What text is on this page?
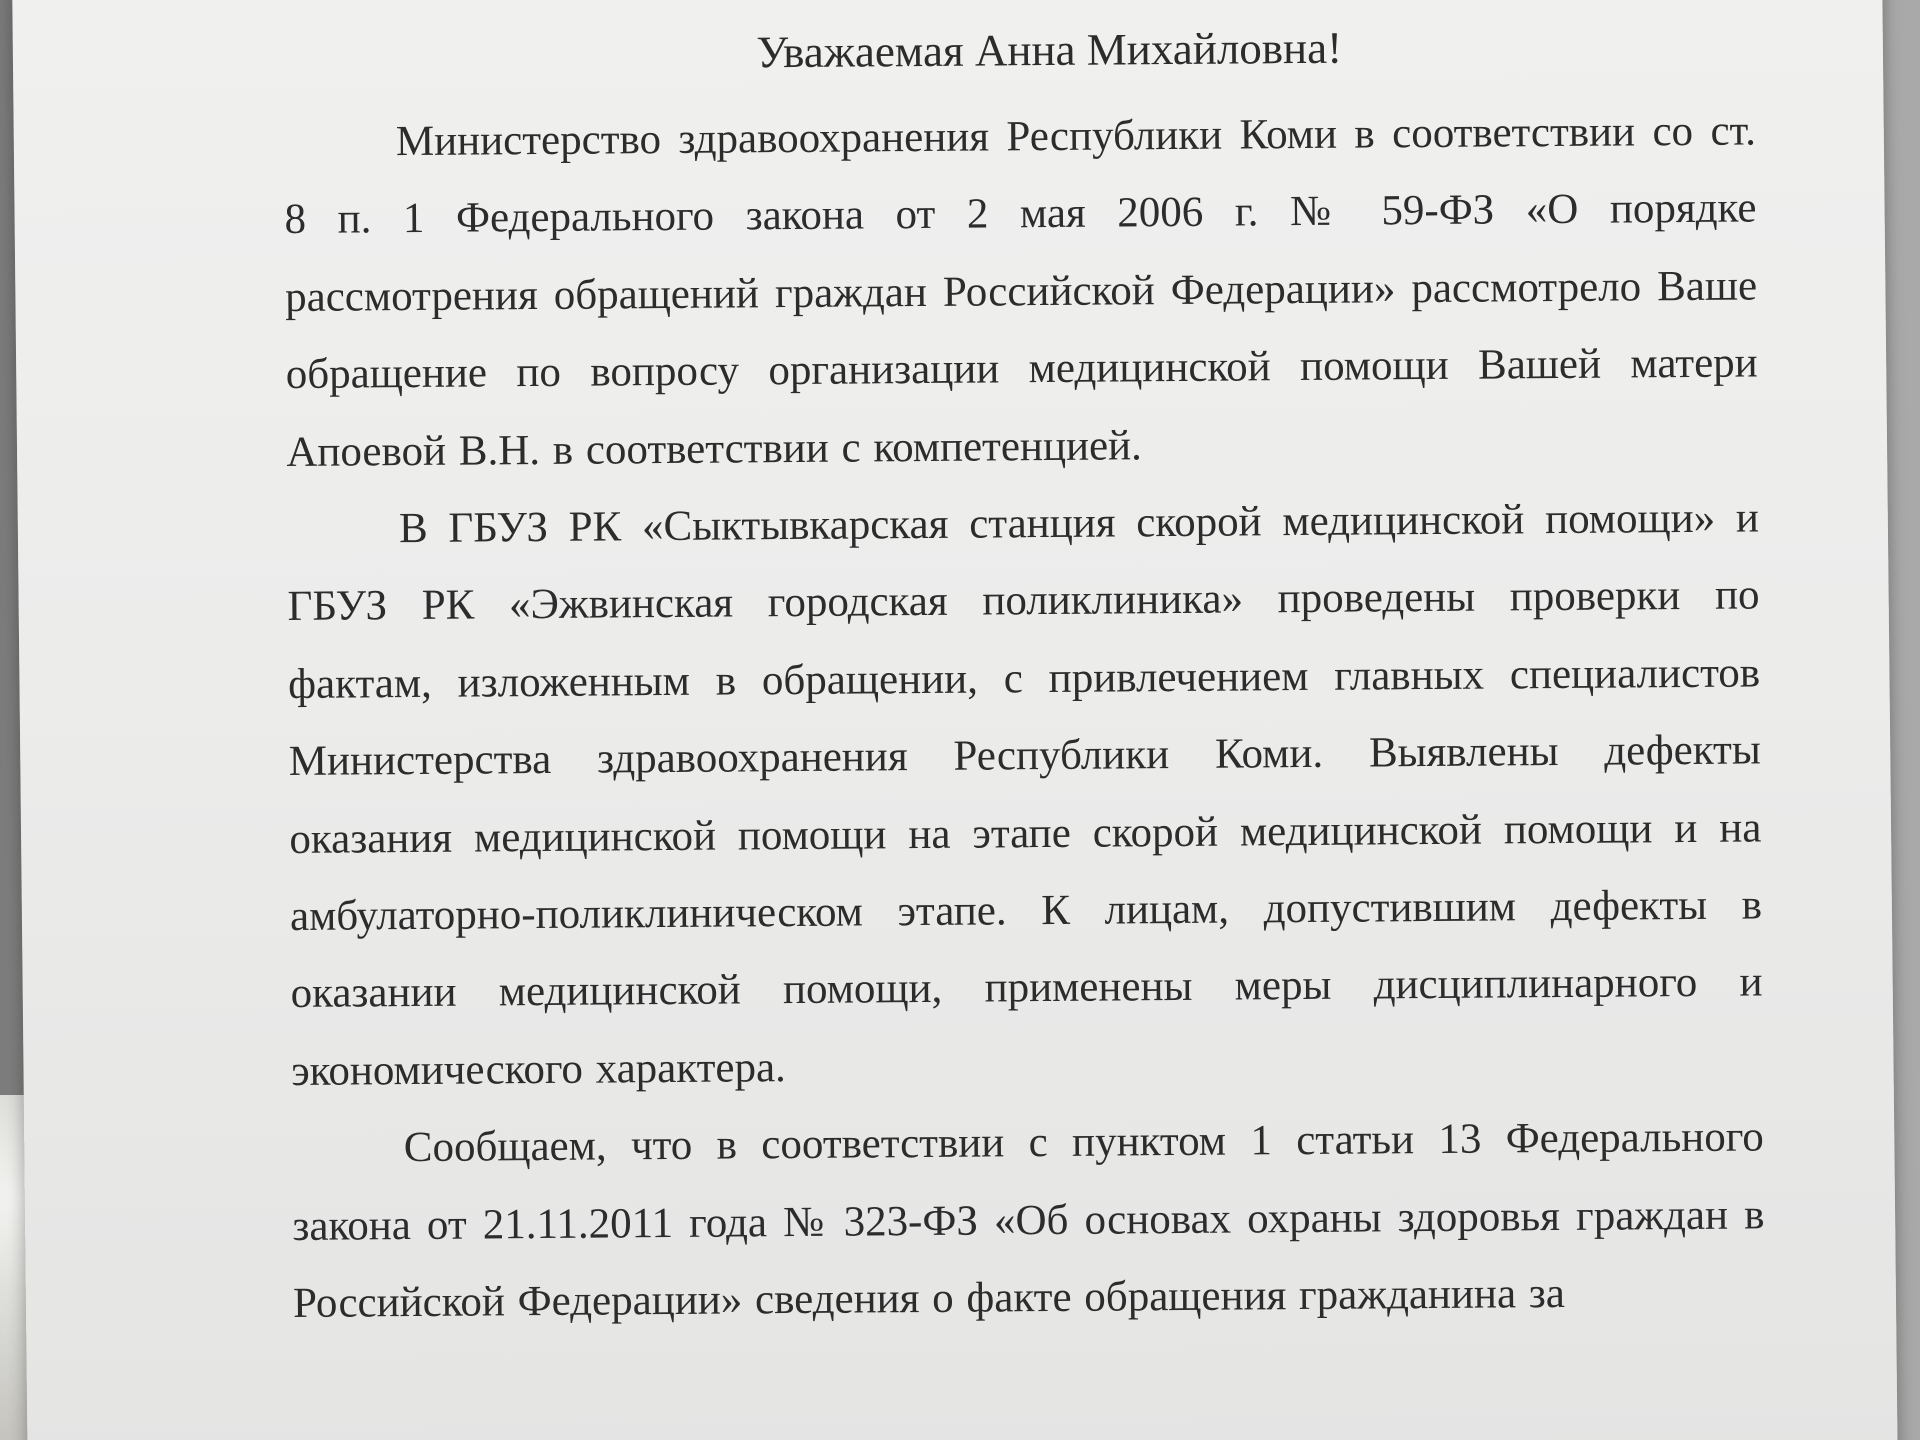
Уважаемая Анна Михайловна!

Министерство здравоохранения Республики Коми в соответствии со ст. 8 п. 1 Федерального закона от 2 мая 2006 г. № 59-ФЗ «О порядке рассмотрения обращений граждан Российской Федерации» рассмотрело Ваше обращение по вопросу организации медицинской помощи Вашей матери Апоевой В.Н. в соответствии с компетенцией.

В ГБУЗ РК «Сыктывкарская станция скорой медицинской помощи» и ГБУЗ РК «Эжвинская городская поликлиника» проведены проверки по фактам, изложенным в обращении, с привлечением главных специалистов Министерства здравоохранения Республики Коми. Выявлены дефекты оказания медицинской помощи на этапе скорой медицинской помощи и на амбулаторно-поликлиническом этапе. К лицам, допустившим дефекты в оказании медицинской помощи, применены меры дисциплинарного и экономического характера.

Сообщаем, что в соответствии с пунктом 1 статьи 13 Федерального закона от 21.11.2011 года № 323-ФЗ «Об основах охраны здоровья граждан в Российской Федерации» сведения о факте обращения гражданина за
